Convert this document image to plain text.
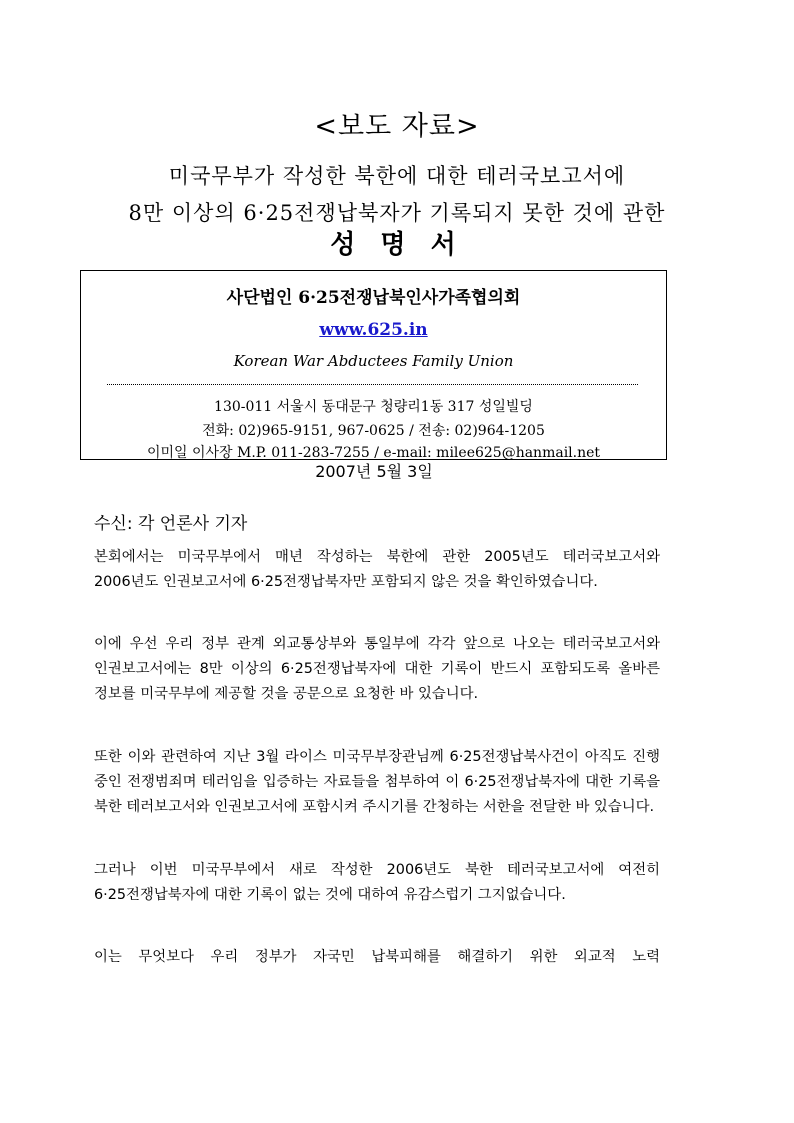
<보도 자료>
미국무부가 작성한 북한에 대한 테러국보고서에
8만 이상의 6·25전쟁납북자가 기록되지 못한 것에 관한
성 명 서
사단법인 6·25전쟁납북인사가족협의회
www.625.in
Korean War Abductees Family Union
130-011 서울시 동대문구 청량리1동 317 성일빌딩
전화: 02)965-9151, 967-0625 / 전송: 02)964-1205
이미일 이사장 M.P. 011-283-7255 / e-mail: milee625@hanmail.net
2007년 5월 3일
수신: 각 언론사 기자
본회에서는 미국무부에서 매년 작성하는 북한에 관한 2005년도 테러국보고서와 2006년도 인권보고서에 6·25전쟁납북자만 포함되지 않은 것을 확인하였습니다.
이에 우선 우리 정부 관계 외교통상부와 통일부에 각각 앞으로 나오는 테러국보고서와 인권보고서에는 8만 이상의 6·25전쟁납북자에 대한 기록이 반드시 포함되도록 올바른 정보를 미국무부에 제공할 것을 공문으로 요청한 바 있습니다.
또한 이와 관련하여 지난 3월 라이스 미국무부장관님께 6·25전쟁납북사건이 아직도 진행 중인 전쟁범죄며 테러임을 입증하는 자료들을 첨부하여 이 6·25전쟁납북자에 대한 기록을 북한 테러보고서와 인권보고서에 포함시켜 주시기를 간청하는 서한을 전달한 바 있습니다.
그러나 이번 미국무부에서 새로 작성한 2006년도 북한 테러국보고서에 여전히 6·25전쟁납북자에 대한 기록이 없는 것에 대하여 유감스럽기 그지없습니다.
이는 무엇보다 우리 정부가 자국민 납북피해를 해결하기 위한 외교적 노력
